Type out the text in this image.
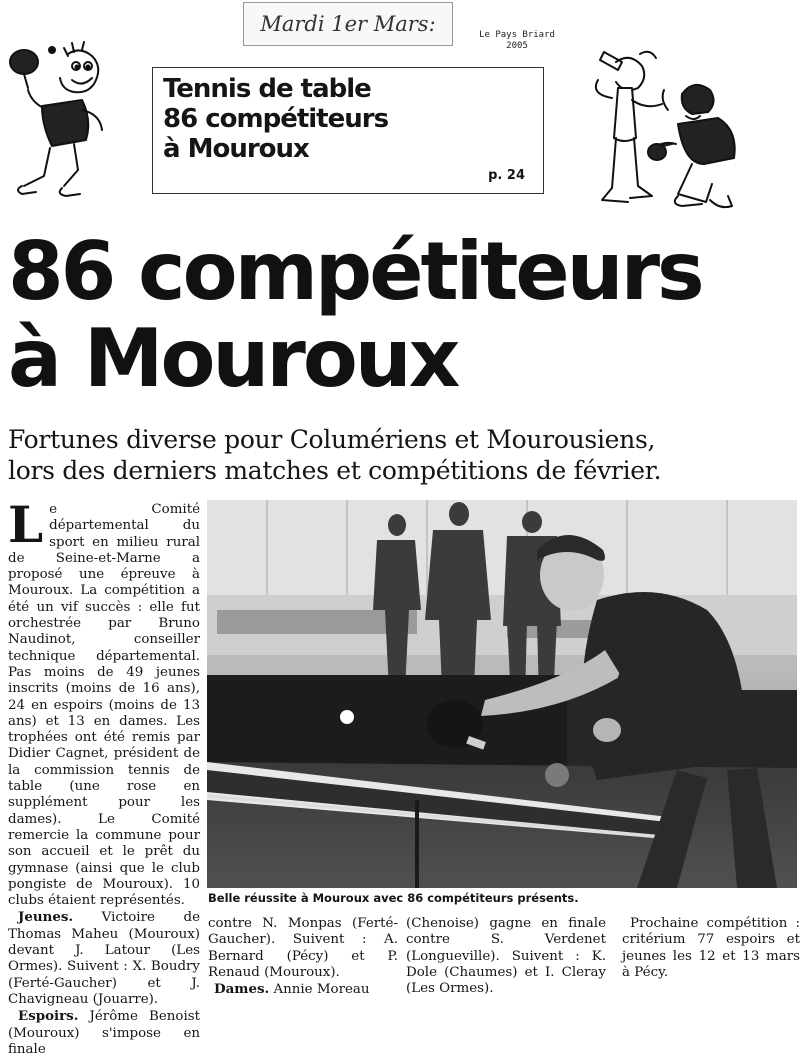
Mardi 1er Mars:	Le Pays Briard
2005
Tennis de table
86 compétiteurs
à Mouroux
p. 24
86 compétiteurs
à Mouroux
Fortunes diverse pour Columériens et Mourousiens,
lors des derniers matches et compétitions de février.

Le Comité départemental du sport en milieu rural de Seine-et-Marne a proposé une épreuve à Mouroux. La compétition a été un vif succès : elle fut orchestrée par Bruno Naudinot, conseiller technique départemental. Pas moins de 49 jeunes inscrits (moins de 16 ans), 24 en espoirs (moins de 13 ans) et 13 en dames. Les trophées ont été remis par Didier Cagnet, président de la commission tennis de table (une rose en supplément pour les dames). Le Comité remercie la commune pour son accueil et le prêt du gymnase (ainsi que le club pongiste de Mouroux). 10 clubs étaient représentés.

Jeunes. Victoire de Thomas Maheu (Mouroux) devant J. Latour (Les Ormes). Suivent : X. Boudry (Ferté-Gaucher) et J. Chavigneau (Jouarre).

Espoirs. Jérôme Benoist (Mouroux) s'impose en finale

Belle réussite à Mouroux avec 86 compétiteurs présents.

contre N. Monpas (Ferté-Gaucher). Suivent : A. Bernard (Pécy) et P. Renaud (Mouroux).

Dames. Annie Moreau

(Chenoise) gagne en finale contre S. Verdenet (Longueville). Suivent : K. Dole (Chaumes) et I. Cleray (Les Ormes).

Prochaine compétition : critérium 77 espoirs et jeunes les 12 et 13 mars à Pécy.
